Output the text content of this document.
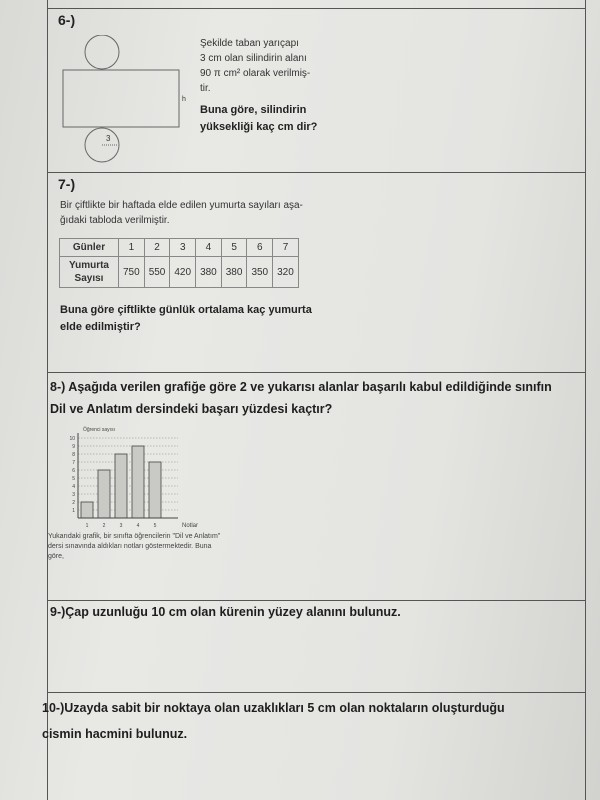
6-)
3
h
Şekilde taban yarıçapı
3 cm olan silindirin alanı
90 π cm² olarak verilmiş-
tir.
Buna göre, silindirin
yüksekliği kaç cm dir?
7-)
Bir çiftlikte bir haftada elde edilen yumurta sayıları aşa-
ğıdaki tabloda verilmiştir.
Günler	1	2	3	4	5	6	7

Yumurta
Sayısı	750	550	420	380	380	350	320
Buna göre çiftlikte günlük ortalama kaç yumurta
elde edilmiştir?
8-) Aşağıda verilen grafiğe göre 2 ve yukarısı alanlar başarılı kabul edildiğinde sınıfın
Dil ve Anlatım dersindeki başarı yüzdesi kaçtır?
1
2
3
4
5
6
7
8
9
10
1	2	3	4	5
Öğrenci sayısı
Notlar
Yukarıdaki grafik, bir sınıfta öğrencilerin "Dil ve Anlatım"
dersi sınavında aldıkları notları göstermektedir. Buna
göre,
9-)Çap uzunluğu 10 cm olan kürenin yüzey alanını bulunuz.
10-)Uzayda sabit bir noktaya olan uzaklıkları 5 cm olan noktaların oluşturduğu
cismin hacmini bulunuz.
